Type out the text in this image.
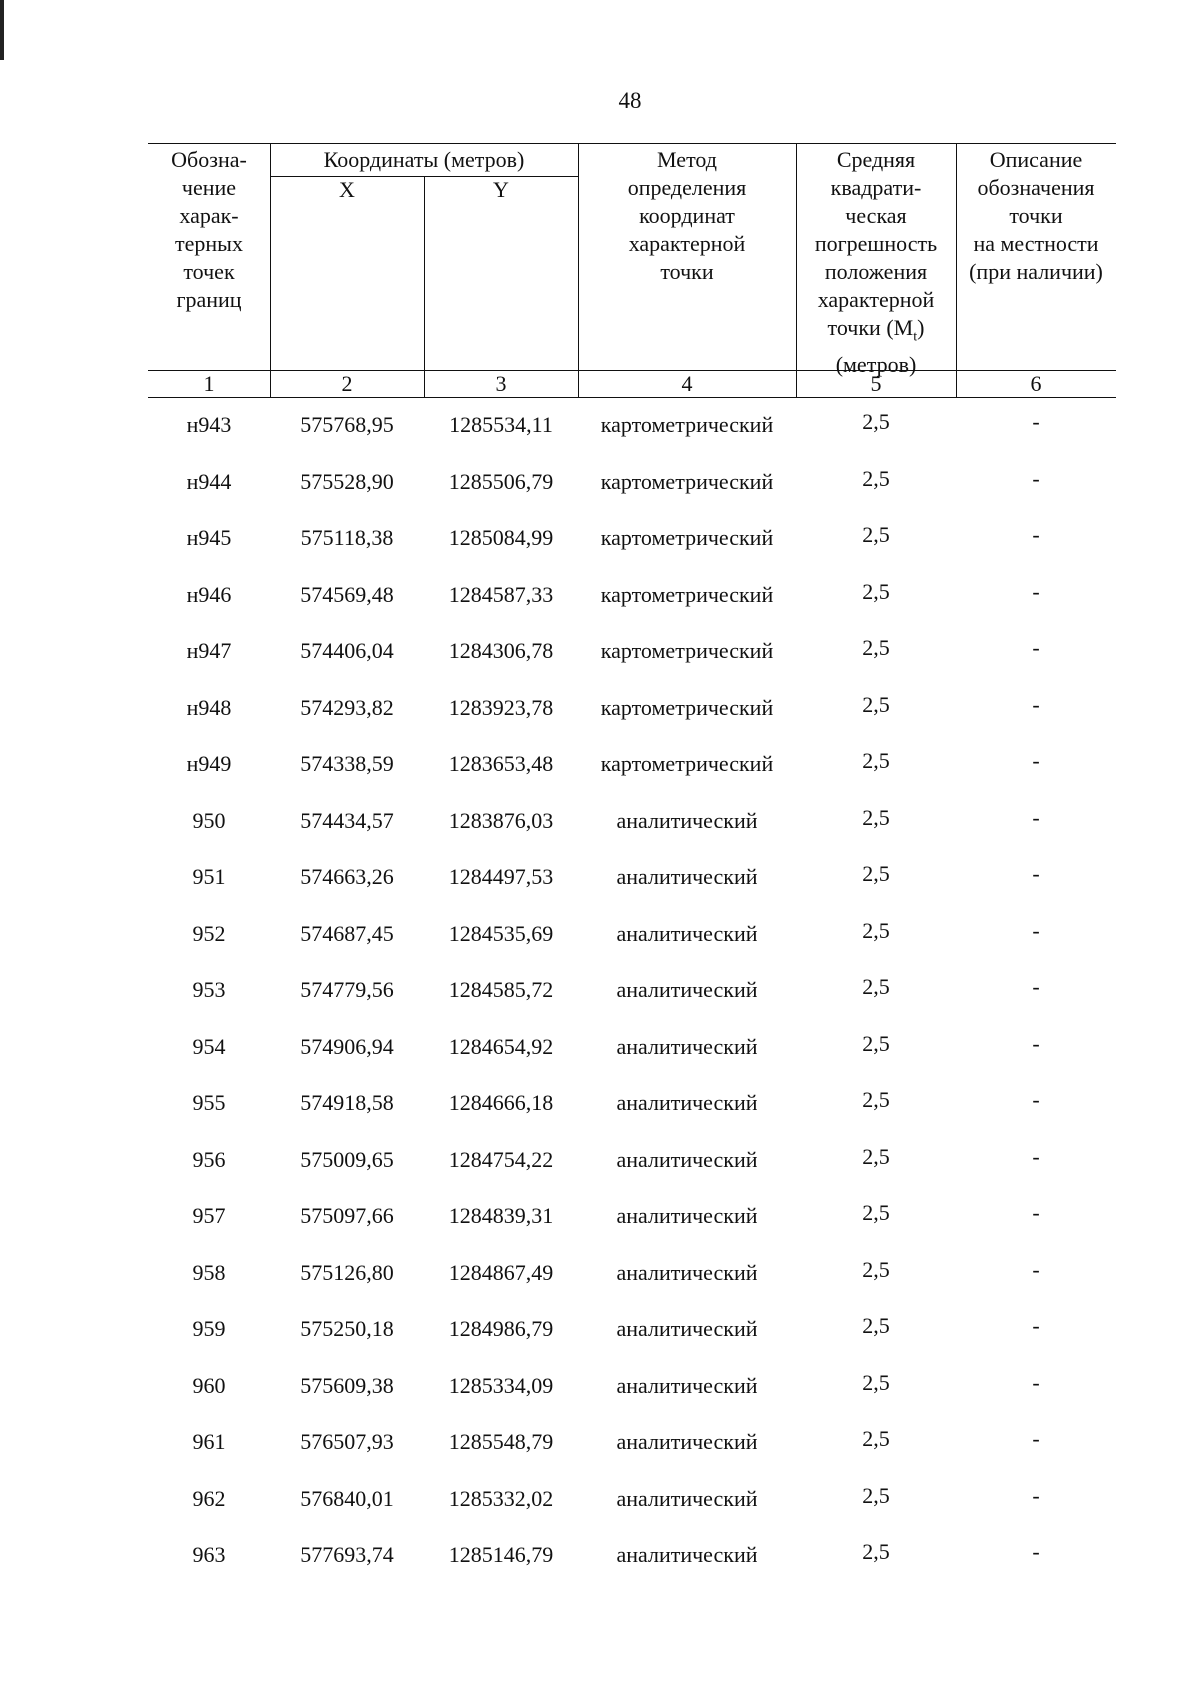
48
Обозна-
чение
харак-
терных
точек
границ
Координаты (метров)
X	Y
Метод
определения
координат
характерной
точки
Средняя
квадрати-
ческая
погрешность
положения
характерной
точки $(M_t)$
(метров)
Описание
обозначения
точки
на местности
(при наличии)
1	2	3	4	5	6
н943	575768,95	1285534,11	картометрический	2,5	-
н944	575528,90	1285506,79	картометрический	2,5	-
н945	575118,38	1285084,99	картометрический	2,5	-
н946	574569,48	1284587,33	картометрический	2,5	-
н947	574406,04	1284306,78	картометрический	2,5	-
н948	574293,82	1283923,78	картометрический	2,5	-
н949	574338,59	1283653,48	картометрический	2,5	-
950	574434,57	1283876,03	аналитический	2,5	-
951	574663,26	1284497,53	аналитический	2,5	-
952	574687,45	1284535,69	аналитический	2,5	-
953	574779,56	1284585,72	аналитический	2,5	-
954	574906,94	1284654,92	аналитический	2,5	-
955	574918,58	1284666,18	аналитический	2,5	-
956	575009,65	1284754,22	аналитический	2,5	-
957	575097,66	1284839,31	аналитический	2,5	-
958	575126,80	1284867,49	аналитический	2,5	-
959	575250,18	1284986,79	аналитический	2,5	-
960	575609,38	1285334,09	аналитический	2,5	-
961	576507,93	1285548,79	аналитический	2,5	-
962	576840,01	1285332,02	аналитический	2,5	-
963	577693,74	1285146,79	аналитический	2,5	-
